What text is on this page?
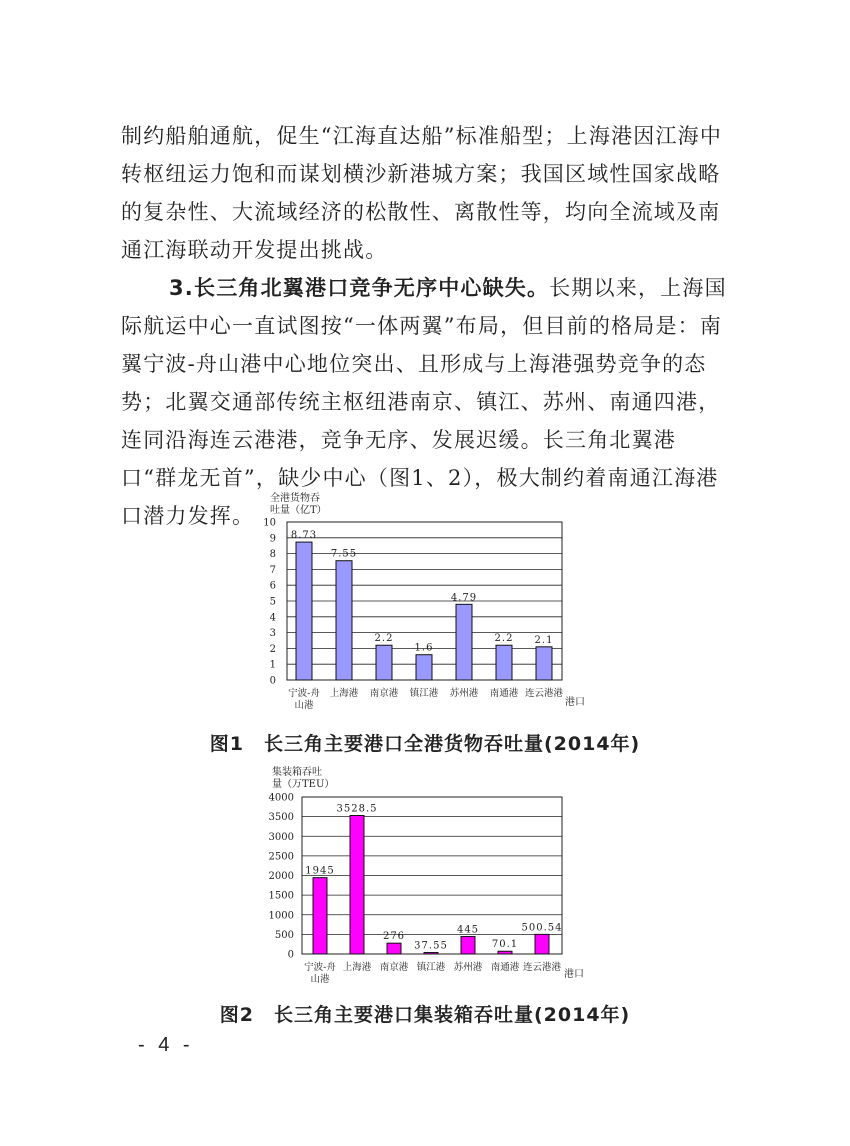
制约船舶通航，促生“江海直达船”标准船型；上海港因江海中转枢纽运力饱和而谋划横沙新港城方案；我国区域性国家战略的复杂性、大流域经济的松散性、离散性等，均向全流域及南通江海联动开发提出挑战。

3.长三角北翼港口竞争无序中心缺失。长期以来，上海国际航运中心一直试图按“一体两翼”布局，但目前的格局是：南翼宁波-舟山港中心地位突出、且形成与上海港强势竞争的态势；北翼交通部传统主枢纽港南京、镇江、苏州、南通四港，连同沿海连云港港，竞争无序、发展迟缓。长三角北翼港口“群龙无首”，缺少中心（图1、2），极大制约着南通江海港口潜力发挥。

全港货物吞
吐量（亿T）
0
1
2
3
4
5
6
7
8
9
10
8.73
宁波-舟
山港
7.55
上海港
2.2
南京港
1.6
镇江港
4.79
苏州港
2.2
南通港
2.1
连云港港
港口
图1　长三角主要港口全港货物吞吐量(2014年)
集装箱吞吐
量（万TEU）
0
500
1000
1500
2000
2500
3000
3500
4000
1945
宁波-舟
山港
3528.5
上海港
276
南京港
37.55
镇江港
445
苏州港
70.1
南通港
500.54
连云港港
港口
图2　长三角主要港口集装箱吞吐量(2014年)
- 4 -
